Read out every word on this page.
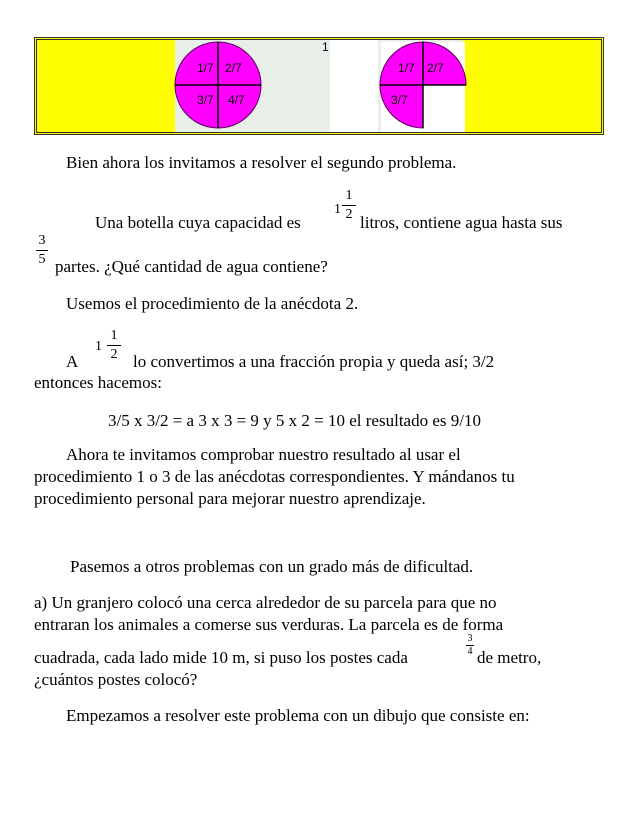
1
1/7 2/7
3/7 4/7
1/7 2/7
3/7
Bien ahora los invitamos a resolver el segundo problema.
Una botella cuya capacidad es
1
1
2 litros, contiene agua hasta sus
3
5 partes. ¿Qué cantidad de agua contiene?
Usemos el procedimiento de la anécdota 2.
1
1
2
A	lo convertimos a una fracción propia y queda así; 3/2
entonces hacemos:
3/5 x 3/2 = a 3 x 3 = 9 y 5 x 2 = 10 el resultado es 9/10
Ahora te invitamos comprobar nuestro resultado al usar el
procedimiento 1 o 3 de las anécdotas correspondientes. Y mándanos tu
procedimiento personal para mejorar nuestro aprendizaje.
Pasemos a otros problemas con un grado más de dificultad.
a) Un granjero colocó una cerca alrededor de su parcela para que no
entraran los animales a comerse sus verduras. La parcela es de forma
cuadrada, cada lado mide 10 m, si puso los postes cada
3
4 de metro,
¿cuántos postes colocó?
Empezamos a resolver este problema con un dibujo que consiste en:
